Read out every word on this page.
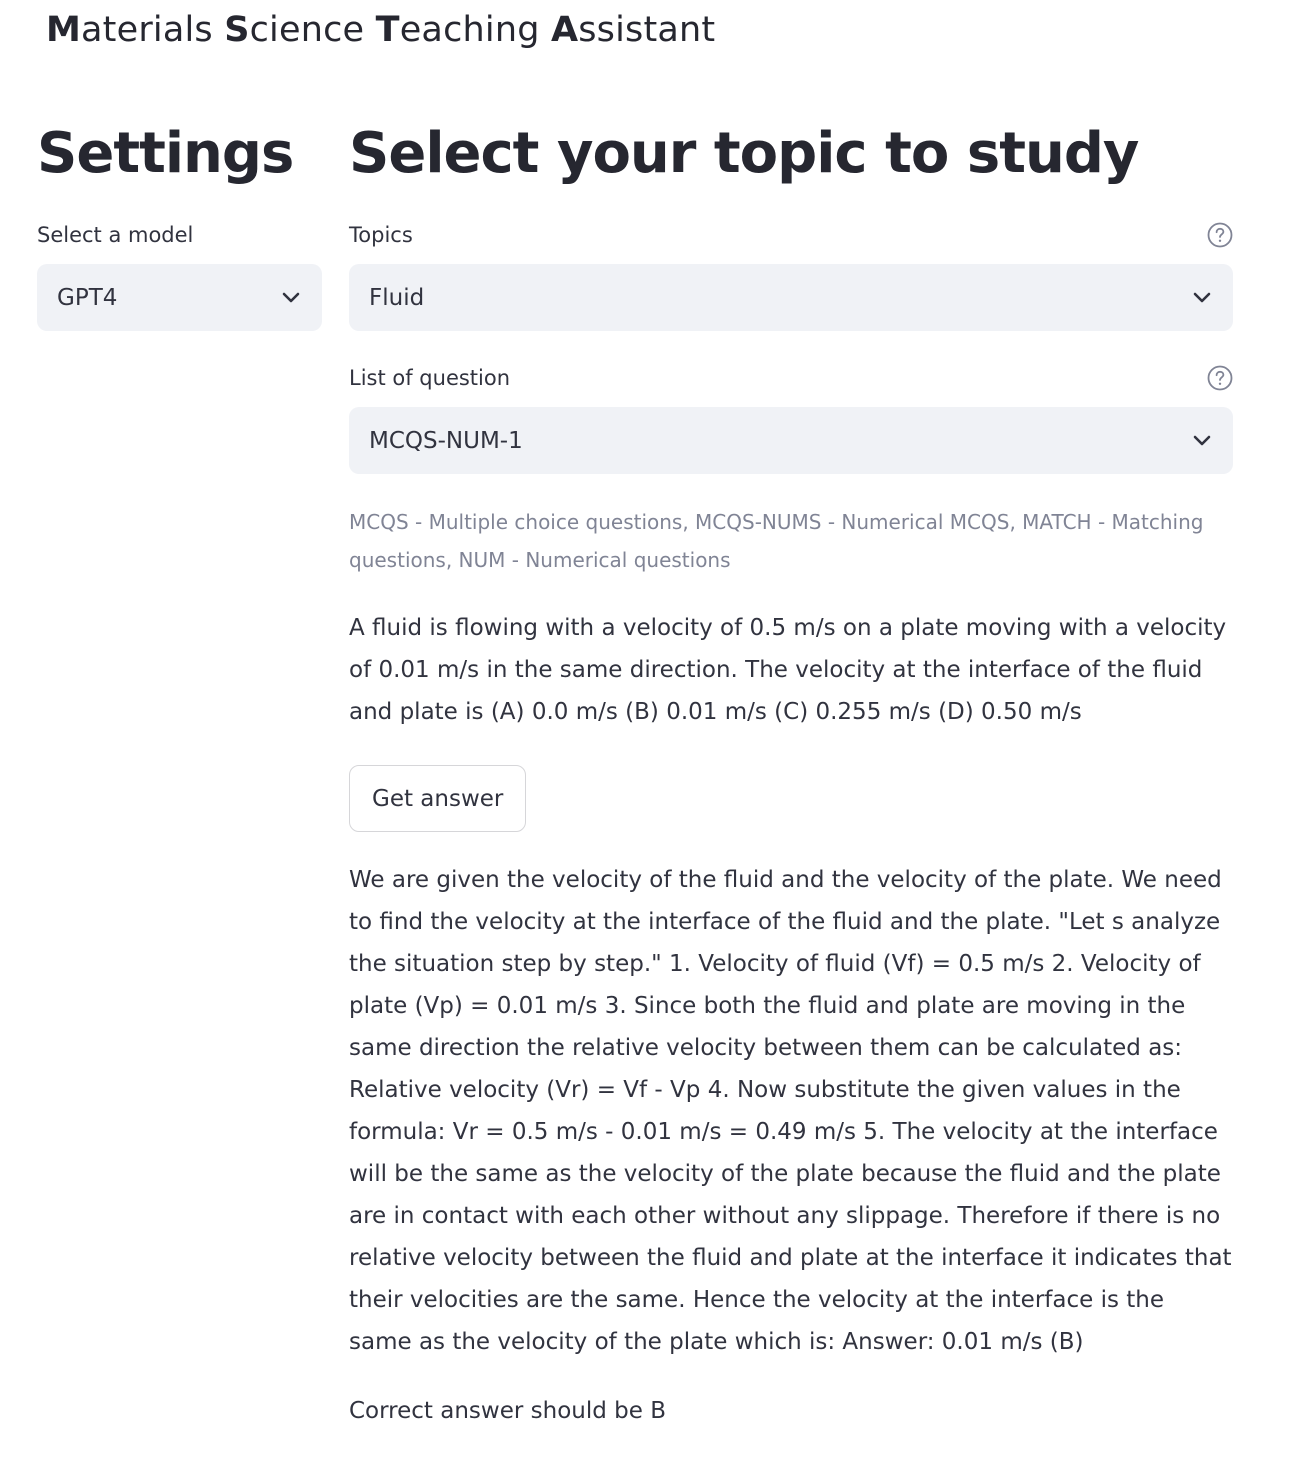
Materials Science Teaching Assistant
Settings
Select a model
GPT4
Select your topic to study
Topics
Fluid
List of question
MCQS-NUM-1
MCQS - Multiple choice questions, MCQS-NUMS - Numerical MCQS, MATCH - Matching questions, NUM - Numerical questions

A fluid is flowing with a velocity of 0.5 m/s on a plate moving with a velocity of 0.01 m/s in the same direction. The velocity at the interface of the fluid and plate is (A) 0.0 m/s (B) 0.01 m/s (C) 0.255 m/s (D) 0.50 m/s

Get answer

We are given the velocity of the fluid and the velocity of the plate. We need to find the velocity at the interface of the fluid and the plate. "Let s analyze the situation step by step." 1. Velocity of fluid (Vf) = 0.5 m/s 2. Velocity of plate (Vp) = 0.01 m/s 3. Since both the fluid and plate are moving in the same direction the relative velocity between them can be calculated as: Relative velocity (Vr) = Vf - Vp 4. Now substitute the given values in the formula: Vr = 0.5 m/s - 0.01 m/s = 0.49 m/s 5. The velocity at the interface will be the same as the velocity of the plate because the fluid and the plate are in contact with each other without any slippage. Therefore if there is no relative velocity between the fluid and plate at the interface it indicates that their velocities are the same. Hence the velocity at the interface is the same as the velocity of the plate which is: Answer: 0.01 m/s (B)

Correct answer should be B
